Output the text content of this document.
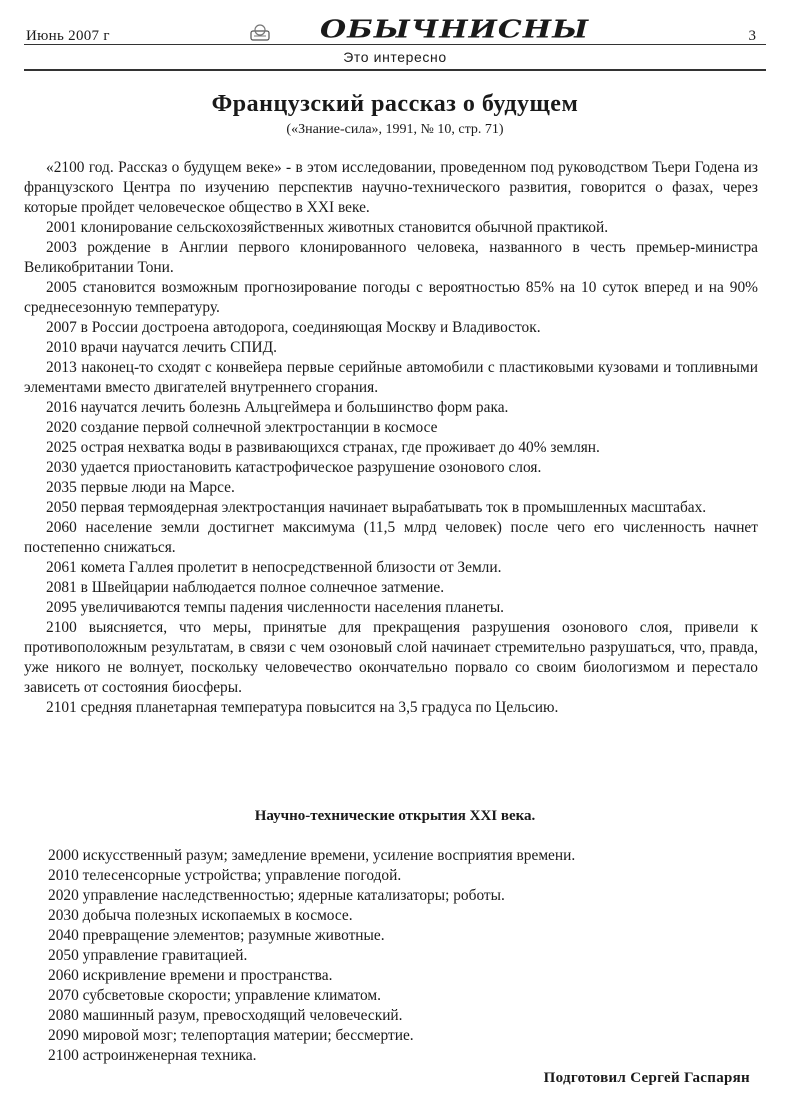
Июнь 2007 г	ОБЫЧНИСНЫ	3
Это интересно
Французский рассказ о будущем
(«Знание-сила», 1991, № 10, стр. 71)

«2100 год. Рассказ о будущем веке» - в этом исследовании, проведенном под руководством Тьери Годена из французского Центра по изучению перспектив научно-технического развития, говорится о фазах, через которые пройдет человеческое общество в XXI веке.

2001 клонирование сельскохозяйственных животных становится обычной практикой.

2003 рождение в Англии первого клонированного человека, названного в честь премьер-министра Великобритании Тони.

2005 становится возможным прогнозирование погоды с вероятностью 85% на 10 суток вперед и на 90% среднесезонную температуру.

2007 в России достроена автодорога, соединяющая Москву и Владивосток.

2010 врачи научатся лечить СПИД.

2013 наконец-то сходят с конвейера первые серийные автомобили с пластиковыми кузовами и топливными элементами вместо двигателей внутреннего сгорания.

2016 научатся лечить болезнь Альцгеймера и большинство форм рака.

2020 создание первой солнечной электростанции в космосе

2025 острая нехватка воды в развивающихся странах, где проживает до 40% землян.

2030 удается приостановить катастрофическое разрушение озонового слоя.

2035 первые люди на Марсе.

2050 первая термоядерная электростанция начинает вырабатывать ток в промышленных масштабах.

2060 население земли достигнет максимума (11,5 млрд человек) после чего его численность начнет постепенно снижаться.

2061 комета Галлея пролетит в непосредственной близости от Земли.

2081 в Швейцарии наблюдается полное солнечное затмение.

2095 увеличиваются темпы падения численности населения планеты.

2100 выясняется, что меры, принятые для прекращения разрушения озонового слоя, привели к противоположным результатам, в связи с чем озоновый слой начинает стремительно разрушаться, что, правда, уже никого не волнует, поскольку человечество окончательно порвало со своим биологизмом и перестало зависеть от состояния биосферы.

2101 средняя планетарная температура повысится на 3,5 градуса по Цельсию.

Научно-технические открытия XXI века.
2000 искусственный разум; замедление времени, усиление восприятия времени.
2010 телесенсорные устройства; управление погодой.
2020 управление наследственностью; ядерные катализаторы; роботы.
2030 добыча полезных ископаемых в космосе.
2040 превращение элементов; разумные животные.
2050 управление гравитацией.
2060 искривление времени и пространства.
2070 субсветовые скорости; управление климатом.
2080 машинный разум, превосходящий человеческий.
2090 мировой мозг; телепортация материи; бессмертие.
2100 астроинженерная техника.
Подготовил Сергей Гаспарян
